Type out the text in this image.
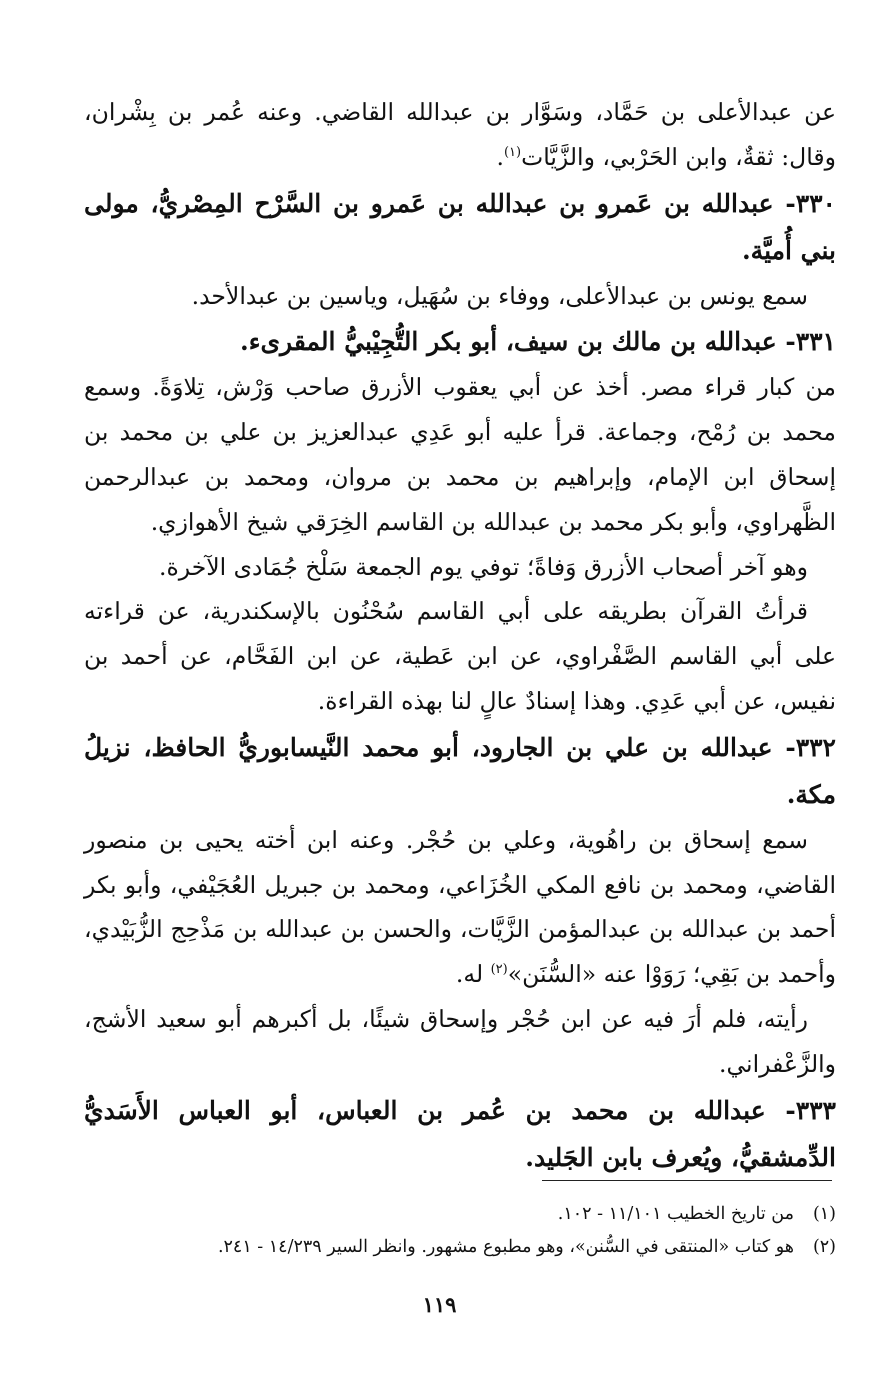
عن عبدالأعلى بن حَمَّاد، وسَوَّار بن عبدالله القاضي. وعنه عُمر بن بِشْران، وقال: ثقةٌ، وابن الحَرْبي، والزَّيَّات$^{(١)}$.

٣٣٠- عبدالله بن عَمرو بن عبدالله بن عَمرو بن السَّرْح المِصْريُّ، مولى بني أُميَّة.

سمع يونس بن عبدالأعلى، ووفاء بن سُهَيل، وياسين بن عبدالأحد.

٣٣١- عبدالله بن مالك بن سيف، أبو بكر التُّجِيْبيُّ المقرىء.

من كبار قراء مصر. أخذ عن أبي يعقوب الأزرق صاحب وَرْش، تِلاوَةً. وسمع محمد بن رُمْح، وجماعة. قرأ عليه أبو عَدِي عبدالعزيز بن علي بن محمد بن إسحاق ابن الإمام، وإبراهيم بن محمد بن مروان، ومحمد بن عبدالرحمن الظَّهراوي، وأبو بكر محمد بن عبدالله بن القاسم الخِرَقي شيخ الأهوازي.

وهو آخر أصحاب الأزرق وَفاةً؛ توفي يوم الجمعة سَلْخ جُمَادى الآخرة.

قرأتُ القرآن بطريقه على أبي القاسم سُحْنُون بالإسكندرية، عن قراءته على أبي القاسم الصَّفْراوي، عن ابن عَطية، عن ابن الفَحَّام، عن أحمد بن نفيس، عن أبي عَدِي. وهذا إسنادٌ عالٍ لنا بهذه القراءة.

٣٣٢- عبدالله بن علي بن الجارود، أبو محمد النَّيسابوريُّ الحافظ، نزيلُ مكة.

سمع إسحاق بن راهُوية، وعلي بن حُجْر. وعنه ابن أخته يحيى بن منصور القاضي، ومحمد بن نافع المكي الخُزَاعي، ومحمد بن جبريل العُجَيْفي، وأبو بكر أحمد بن عبدالله بن عبدالمؤمن الزَّيَّات، والحسن بن عبدالله بن مَذْحِج الزُّبَيْدي، وأحمد بن بَقِي؛ رَوَوْا عنه «السُّنَن»$^{(٢)}$ له.

رأيته، فلم أرَ فيه عن ابن حُجْر وإسحاق شيئًا، بل أكبرهم أبو سعيد الأشج، والزَّعْفراني.

٣٣٣- عبدالله بن محمد بن عُمر بن العباس، أبو العباس الأَسَديُّ الدِّمشقيُّ، ويُعرف بابن الجَليد.

(١)
من تاريخ الخطيب ١١/١٠١ - ١٠٢.

(٢)
هو كتاب «المنتقى في السُّنن»، وهو مطبوع مشهور. وانظر السير ١٤/٢٣٩ - ٢٤١.

١١٩
